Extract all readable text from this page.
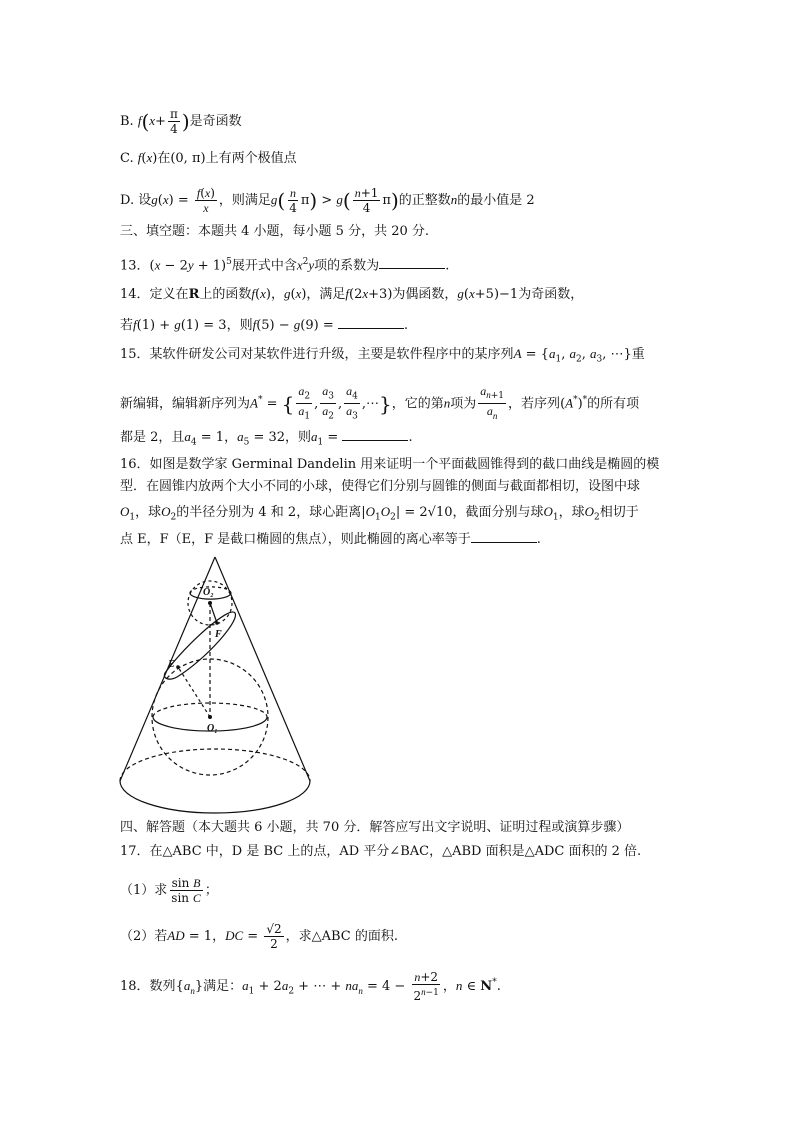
B. $f(x+ \frac{\pi}{4}$ )是奇函数
C. f(x)在(0, π)上有两个极值点
D. 设$g(x) = \frac{f(x)}{x}$ ，则满足$g( \frac{n}{4} \pi) > g( \frac{n+1}{4} \pi)$的正整数n的最小值是 2
三、填空题：本题共 4 小题，每小题 5 分，共 20 分.
13．$(x - 2y + 1)^5$展开式中含$x^2y$项的系数为	.
14．定义在R上的函数f(x)，g(x)，满足f(2x+3)为偶函数，g(x+5)−1为奇函数，
若f(1) + g(1) = 3，则f(5) − g(9) =	.
15．某软件研发公司对某软件进行升级，主要是软件程序中的某序列$A = \{a_1$, $a_2$, $a_3$, ⋯}重
新编辑，编辑新序列为A* = { $\frac{a_2}{a_1}$ , $\frac{a_3}{a_2}$ , $\frac{a_4}{a_3}$ ,⋯}，它的第n项为 $\frac{a_{n+1}}{a_n}$ ，若序列(A*)*的所有项
都是 2，且$a_4 = 1$，$a_5 = 32$，则$a_1$ =	.
16．如图是数学家 Germinal Dandelin 用来证明一个平面截圆锥得到的截口曲线是椭圆的模
型．在圆锥内放两个大小不同的小球，使得它们分别与圆锥的侧面与截面都相切，设图中球
$O_1$，球$O_2$的半径分别为 4 和 2，球心距离$|O_1O_2| = 2√10$，截面分别与球$O_1$，球$O_2$相切于
点 E，F（E，F 是截口椭圆的焦点），则此椭圆的离心率等于	.
O₂
F
E
O₁
四、解答题（本大题共 6 小题，共 70 分．解答应写出文字说明、证明过程或演算步骤）
17．在△ABC 中，D 是 BC 上的点，AD 平分∠BAC，△ABD 面积是△ADC 面积的 2 倍.
（1）求 $\frac{\text{sin B}}{\text{sin C}}$ ；
（2）若AD = 1，DC = $\frac{√2}{2}$ ，求△ABC 的面积.
18．数列$\{a_n\}$满足：$a_1 + 2a_2$ + ⋯ + $na_n = 4 - \frac{n+2}{2^{n-1}}$ ，n ∈ N*.
